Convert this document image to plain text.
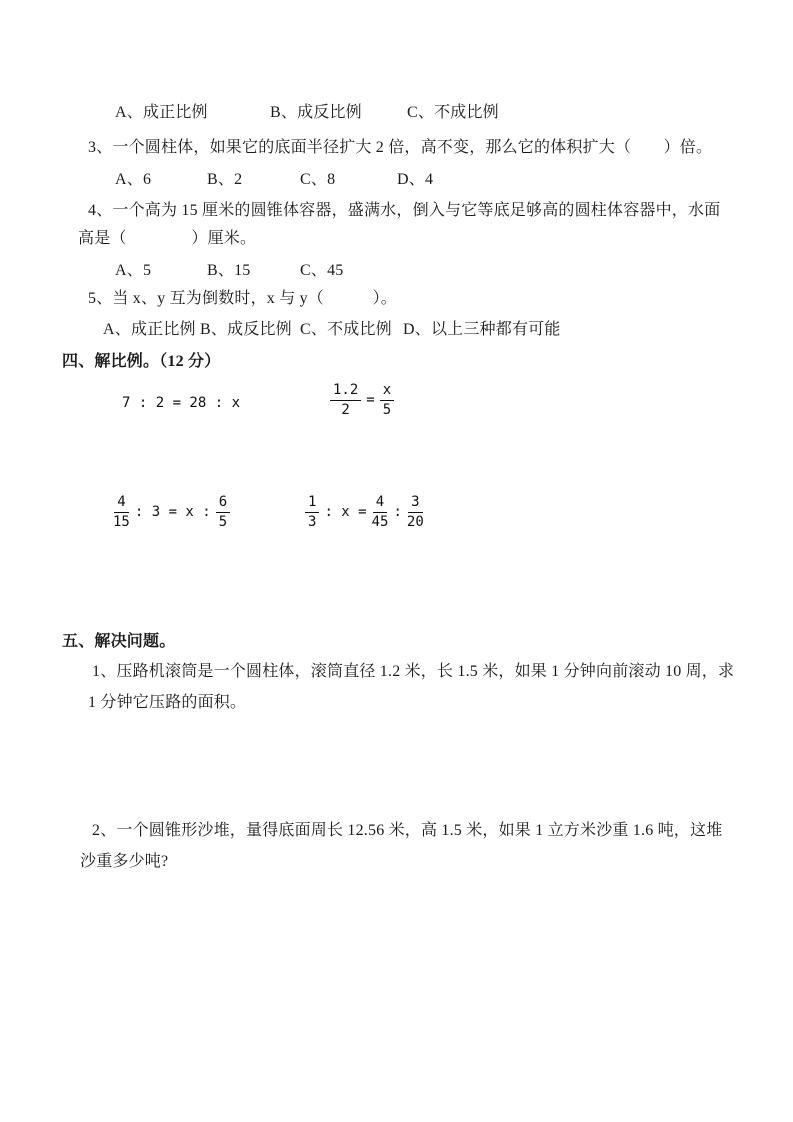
A、成正比例	B、成反比例	C、不成比例
3、一个圆柱体，如果它的底面半径扩大 2 倍，高不变，那么它的体积扩大（　　）倍。
A、6	B、2	C、8	D、4
4、一个高为 15 厘米的圆锥体容器，盛满水，倒入与它等底足够高的圆柱体容器中，水面
高是（　　　　）厘米。
A、5	B、15	C、45
5、当 x、y 互为倒数时，x 与 y（　　　）。
A、成正比例 B、成反比例 C、不成比例 D、以上三种都有可能
四、解比例。（12 分）
7 : 2 = 28 : x	$\frac{1.2}{2} = \frac{x}{5}$
$\frac{4}{15}$ : 3 = x : $\frac{6}{5}$	$\frac{1}{3}$ : $x = \frac{4}{45}$ : $\frac{3}{20}$
五、解决问题。
1、压路机滚筒是一个圆柱体，滚筒直径 1.2 米，长 1.5 米，如果 1 分钟向前滚动 10 周，求
1 分钟它压路的面积。
2、一个圆锥形沙堆，量得底面周长 12.56 米，高 1.5 米，如果 1 立方米沙重 1.6 吨，这堆
沙重多少吨?
